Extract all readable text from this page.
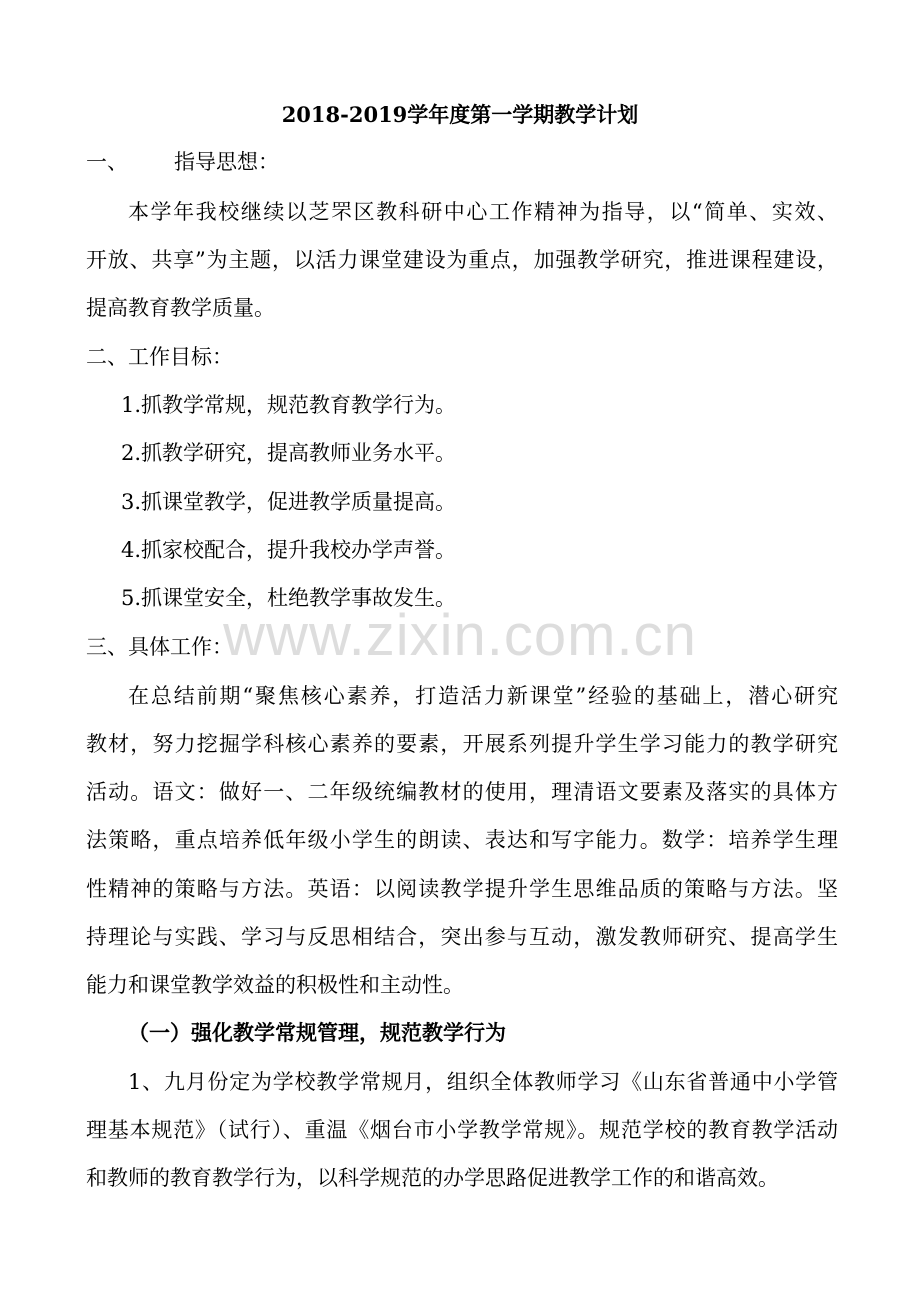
2018-2019学年度第一学期教学计划
一、 指导思想：
本学年我校继续以芝罘区教科研中心工作精神为指导，以“简单、实效、
开放、共享”为主题，以活力课堂建设为重点，加强教学研究，推进课程建设，
提高教育教学质量。
二、工作目标：
1.抓教学常规，规范教育教学行为。
2.抓教学研究，提高教师业务水平。
3.抓课堂教学，促进教学质量提高。
4.抓家校配合，提升我校办学声誉。
5.抓课堂安全，杜绝教学事故发生。
三、具体工作：
在总结前期“聚焦核心素养，打造活力新课堂”经验的基础上，潜心研究
教材，努力挖掘学科核心素养的要素，开展系列提升学生学习能力的教学研究
活动。语文：做好一、二年级统编教材的使用，理清语文要素及落实的具体方
法策略，重点培养低年级小学生的朗读、表达和写字能力。数学：培养学生理
性精神的策略与方法。英语：以阅读教学提升学生思维品质的策略与方法。坚
持理论与实践、学习与反思相结合，突出参与互动，激发教师研究、提高学生
能力和课堂教学效益的积极性和主动性。
（一）强化教学常规管理，规范教学行为
1、九月份定为学校教学常规月，组织全体教师学习《山东省普通中小学管
理基本规范》（试行）、重温《烟台市小学教学常规》。规范学校的教育教学活动
和教师的教育教学行为，以科学规范的办学思路促进教学工作的和谐高效。
www.zixin.com.cn
